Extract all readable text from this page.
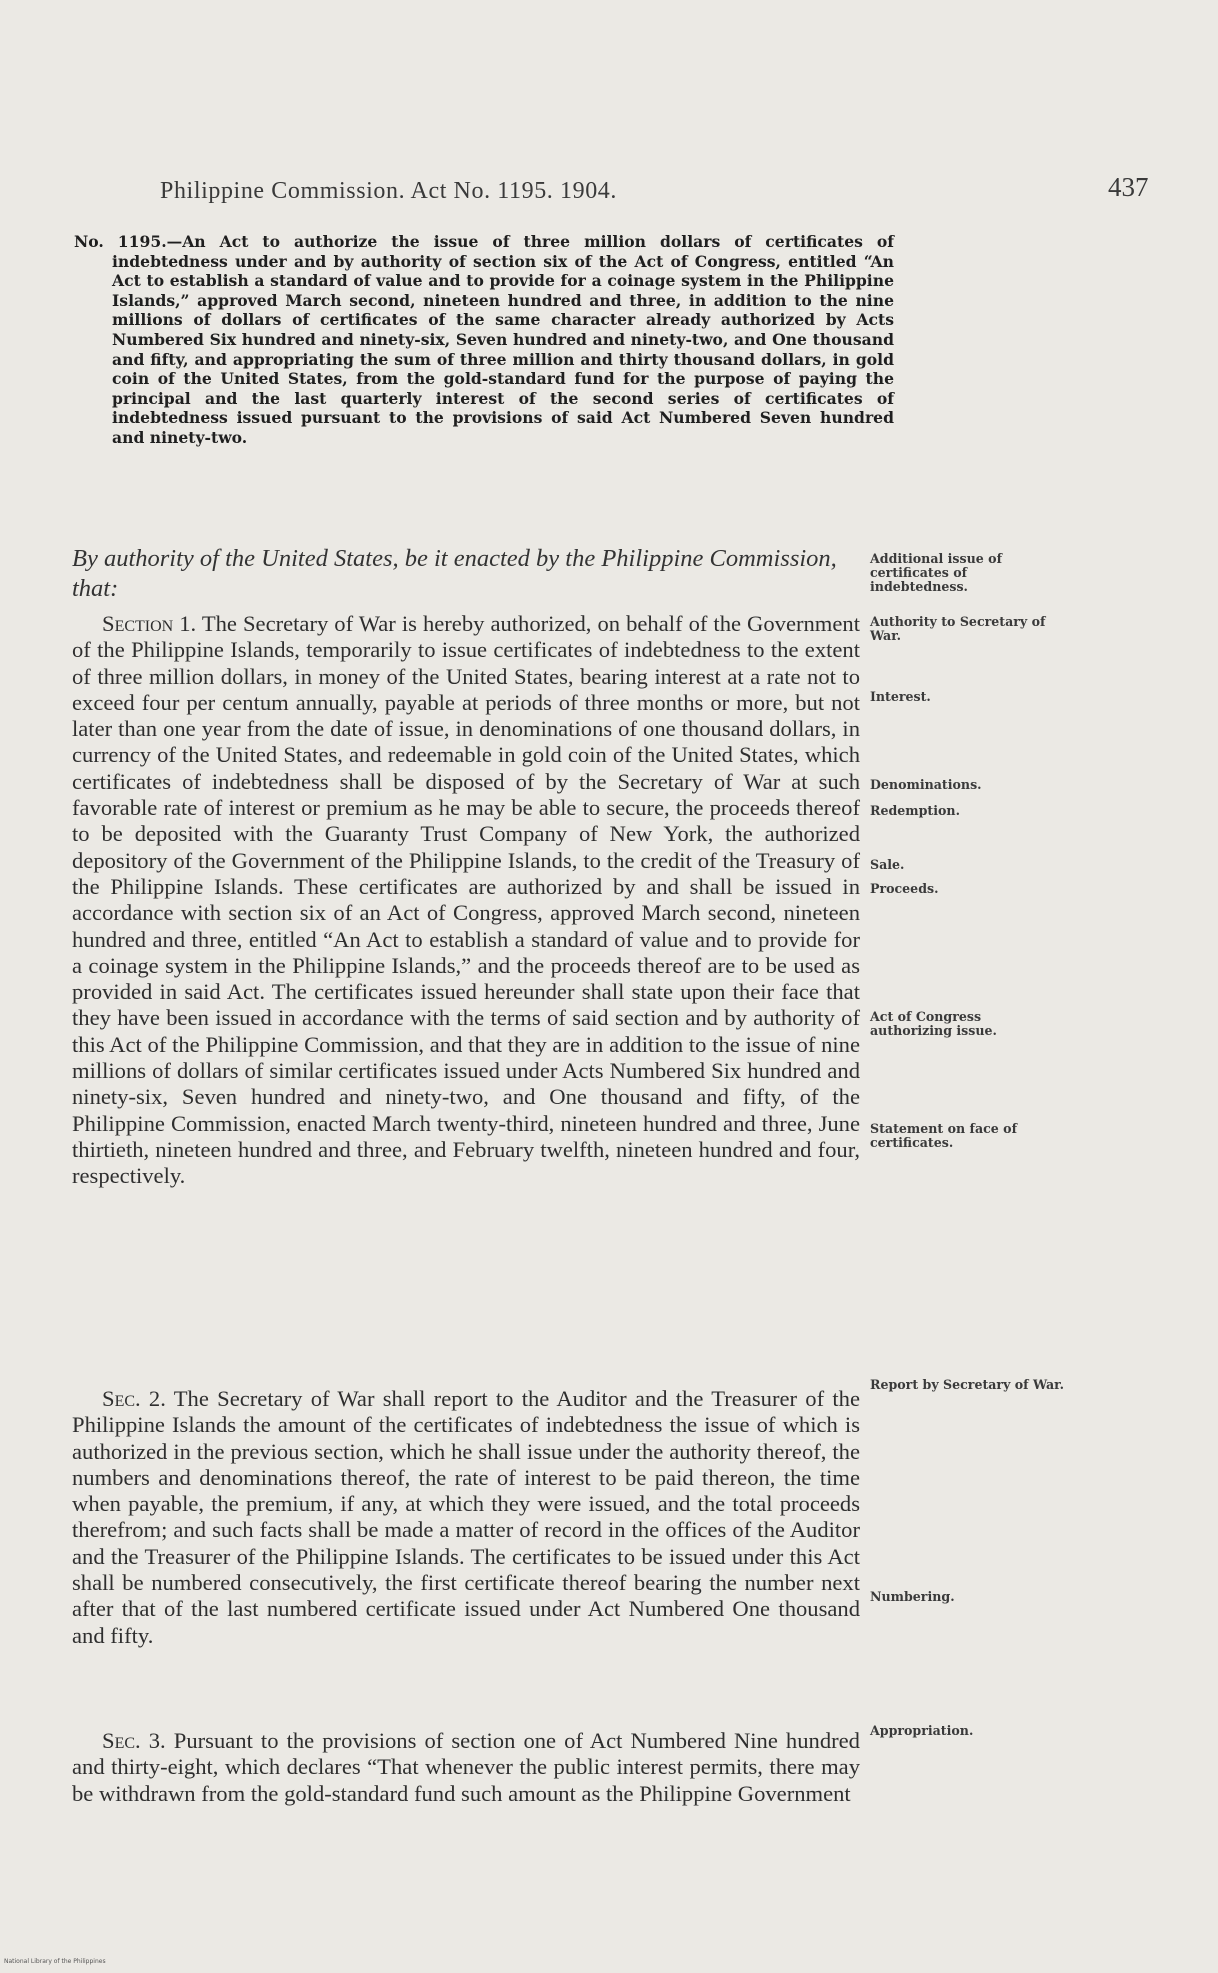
Philippine Commission. Act No. 1195. 1904.	437
No. 1195.—An Act to authorize the issue of three million dollars of certificates of indebtedness under and by authority of section six of the Act of Congress, entitled “An Act to establish a standard of value and to provide for a coinage system in the Philippine Islands,” approved March second, nineteen hundred and three, in addition to the nine millions of dollars of certificates of the same character already authorized by Acts Numbered Six hundred and ninety-six, Seven hundred and ninety-two, and One thousand and fifty, and appropriating the sum of three million and thirty thousand dollars, in gold coin of the United States, from the gold-standard fund for the purpose of paying the principal and the last quarterly interest of the second series of certificates of indebtedness issued pursuant to the provisions of said Act Numbered Seven hundred and ninety-two.
By authority of the United States, be it enacted by the Philippine Commission, that:

Section 1. The Secretary of War is hereby authorized, on behalf of the Government of the Philippine Islands, temporarily to issue certificates of indebtedness to the extent of three million dollars, in money of the United States, bearing interest at a rate not to exceed four per centum annually, payable at periods of three months or more, but not later than one year from the date of issue, in denominations of one thousand dollars, in currency of the United States, and redeemable in gold coin of the United States, which certificates of indebtedness shall be disposed of by the Secretary of War at such favorable rate of interest or premium as he may be able to secure, the proceeds thereof to be deposited with the Guaranty Trust Company of New York, the authorized depository of the Government of the Philippine Islands, to the credit of the Treasury of the Philippine Islands. These certificates are authorized by and shall be issued in accordance with section six of an Act of Congress, approved March second, nineteen hundred and three, entitled “An Act to establish a standard of value and to provide for a coinage system in the Philippine Islands,” and the proceeds thereof are to be used as provided in said Act. The certificates issued hereunder shall state upon their face that they have been issued in accordance with the terms of said section and by authority of this Act of the Philippine Commission, and that they are in addition to the issue of nine millions of dollars of similar certificates issued under Acts Numbered Six hundred and ninety-six, Seven hundred and ninety-two, and One thousand and fifty, of the Philippine Commission, enacted March twenty-third, nineteen hundred and three, June thirtieth, nineteen hundred and three, and February twelfth, nineteen hundred and four, respectively.

Sec. 2. The Secretary of War shall report to the Auditor and the Treasurer of the Philippine Islands the amount of the certificates of indebtedness the issue of which is authorized in the previous section, which he shall issue under the authority thereof, the numbers and denominations thereof, the rate of interest to be paid thereon, the time when payable, the premium, if any, at which they were issued, and the total proceeds therefrom; and such facts shall be made a matter of record in the offices of the Auditor and the Treasurer of the Philippine Islands. The certificates to be issued under this Act shall be numbered consecutively, the first certificate thereof bearing the number next after that of the last numbered certificate issued under Act Numbered One thousand and fifty.

Sec. 3. Pursuant to the provisions of section one of Act Numbered Nine hundred and thirty-eight, which declares “That whenever the public interest permits, there may be withdrawn from the gold-standard fund such amount as the Philippine Government

Additional issue of certificates of indebtedness.
Authority to Secretary of War.
Interest.
Denominations.
Redemption.
Sale.
Proceeds.
Act of Congress authorizing issue.
Statement on face of certificates.
Report by Secretary of War.
Numbering.
Appropriation.
National Library of the Philippines
